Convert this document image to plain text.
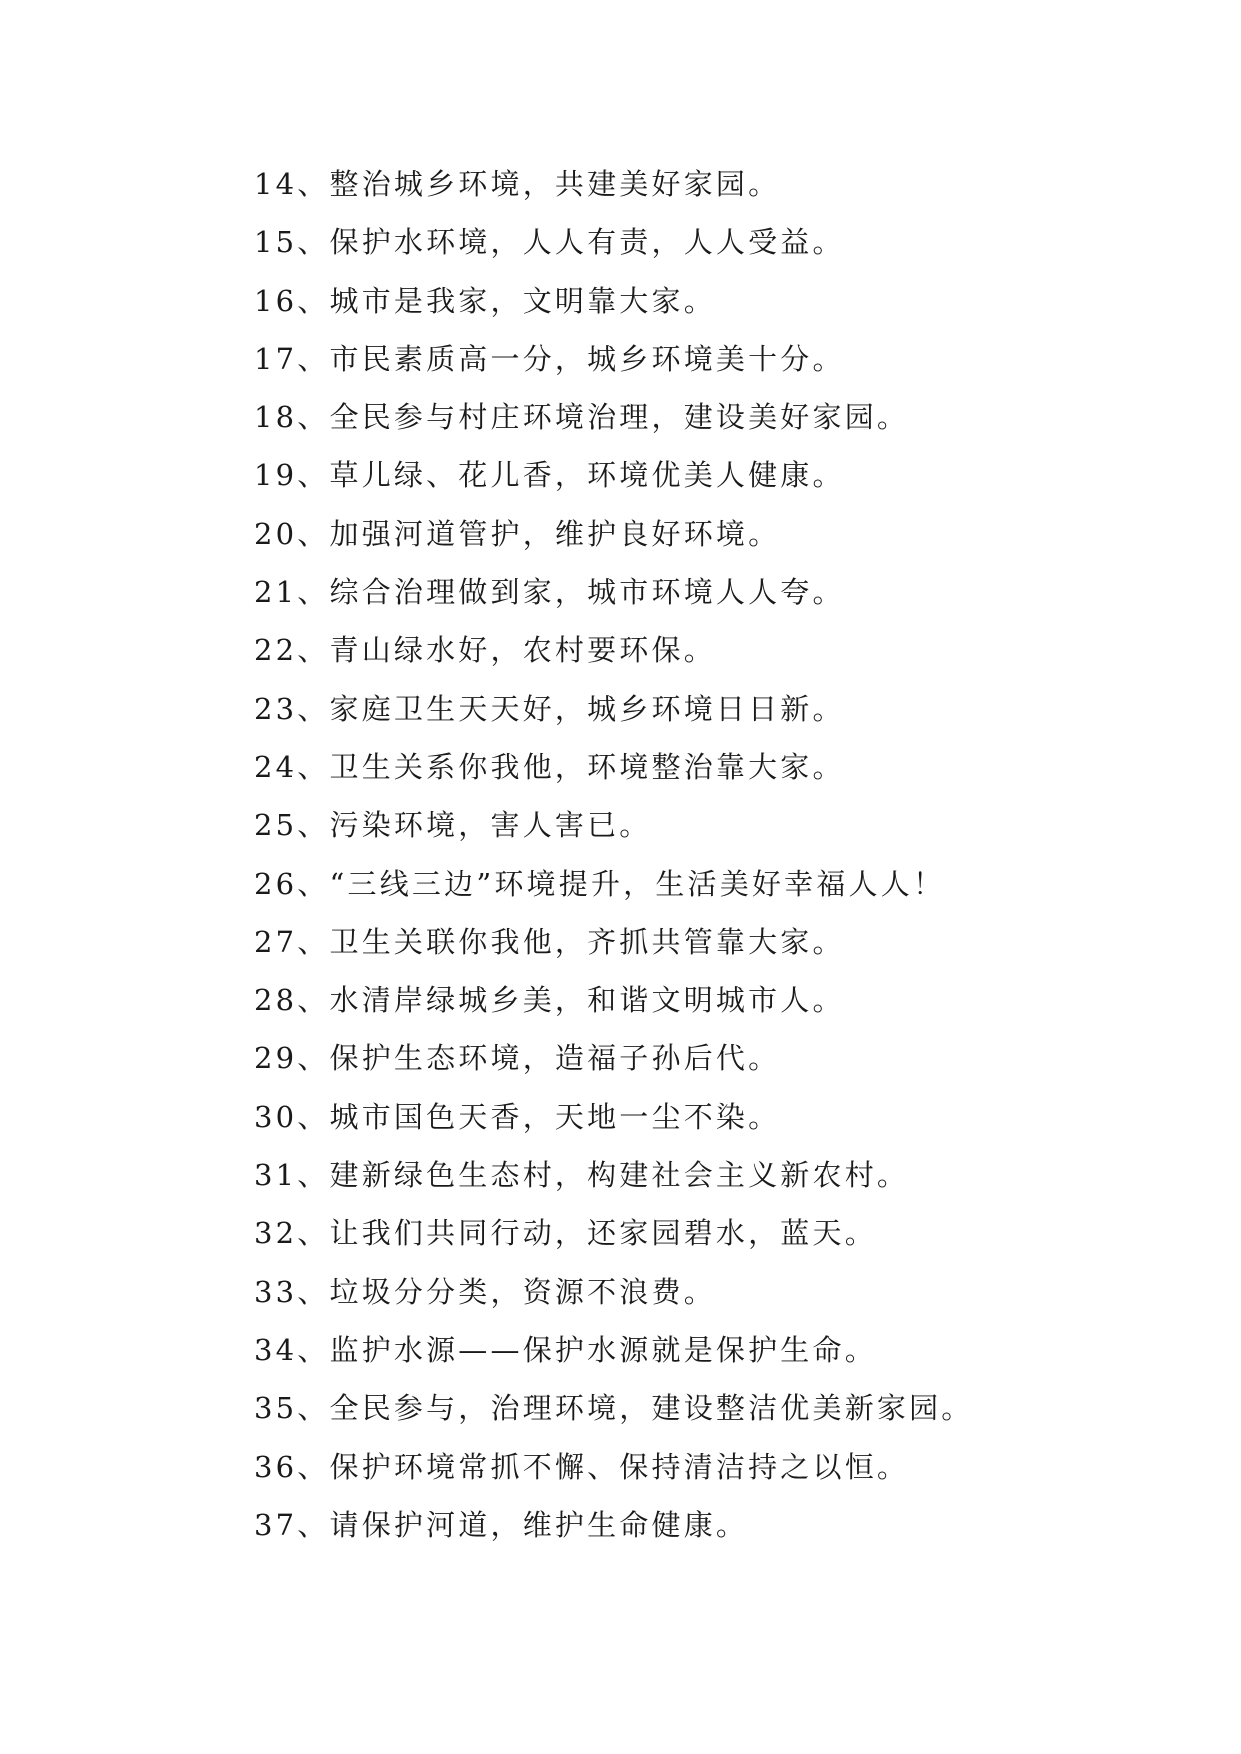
14、整治城乡环境，共建美好家园。
15、保护水环境，人人有责，人人受益。
16、城市是我家，文明靠大家。
17、市民素质高一分，城乡环境美十分。
18、全民参与村庄环境治理，建设美好家园。
19、草儿绿、花儿香，环境优美人健康。
20、加强河道管护，维护良好环境。
21、综合治理做到家，城市环境人人夸。
22、青山绿水好，农村要环保。
23、家庭卫生天天好，城乡环境日日新。
24、卫生关系你我他，环境整治靠大家。
25、污染环境，害人害已。
26、“三线三边”环境提升，生活美好幸福人人！
27、卫生关联你我他，齐抓共管靠大家。
28、水清岸绿城乡美，和谐文明城市人。
29、保护生态环境，造福子孙后代。
30、城市国色天香，天地一尘不染。
31、建新绿色生态村，构建社会主义新农村。
32、让我们共同行动，还家园碧水，蓝天。
33、垃圾分分类，资源不浪费。
34、监护水源——保护水源就是保护生命。
35、全民参与，治理环境，建设整洁优美新家园。
36、保护环境常抓不懈、保持清洁持之以恒。
37、请保护河道，维护生命健康。
